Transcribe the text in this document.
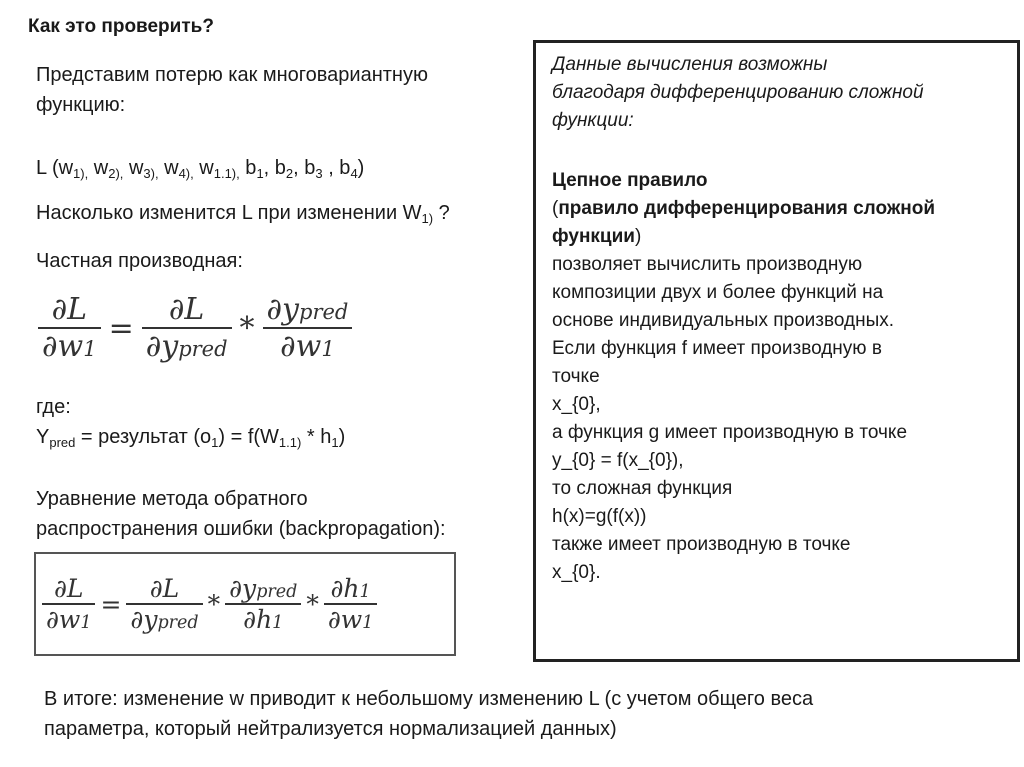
Как это проверить?
Представим потерю как многовариантную
функцию:
L ($w_{1),}$ $w_{2),}$ $w_{3),}$ $w_{4),}$ $w_{1.1),}$ $b_1$, $b_2$, $b_3$ , $b_4$)
Насколько изменится L при изменении $W_{1)}$ ?
Частная производная:
$\frac{\partial L}{\partial w1} = \frac{\partial L}{\text{∂ypred}} * \frac{\text{∂ypred}}{\partial w1}$
где:
$Y_{pred}$ = результат $(o_1) = f(W_{1.1)} * h_1)$
Уравнение метода обратного
распространения ошибки (backpropagation):
$\frac{\partial L}{\partial w1} = \frac{\partial L}{\text{∂ypred}} * \frac{\text{∂ypred}}{\partial h1} * \frac{\partial h1}{\partial w1}$
Данные вычисления возможны
благодаря дифференцированию сложной
функции:
Цепное правило
(правило дифференцирования сложной
функции)
позволяет вычислить производную
композиции двух и более функций на
основе индивидуальных производных.
Если функция f имеет производную в
точке
x_{0},
а функция g имеет производную в точке
y_{0} = f(x_{0}),
то сложная функция
h(x)=g(f(x))
также имеет производную в точке
x_{0}.
В итоге: изменение w приводит к небольшому изменению L (с учетом общего веса
параметра, который нейтрализуется нормализацией данных)
